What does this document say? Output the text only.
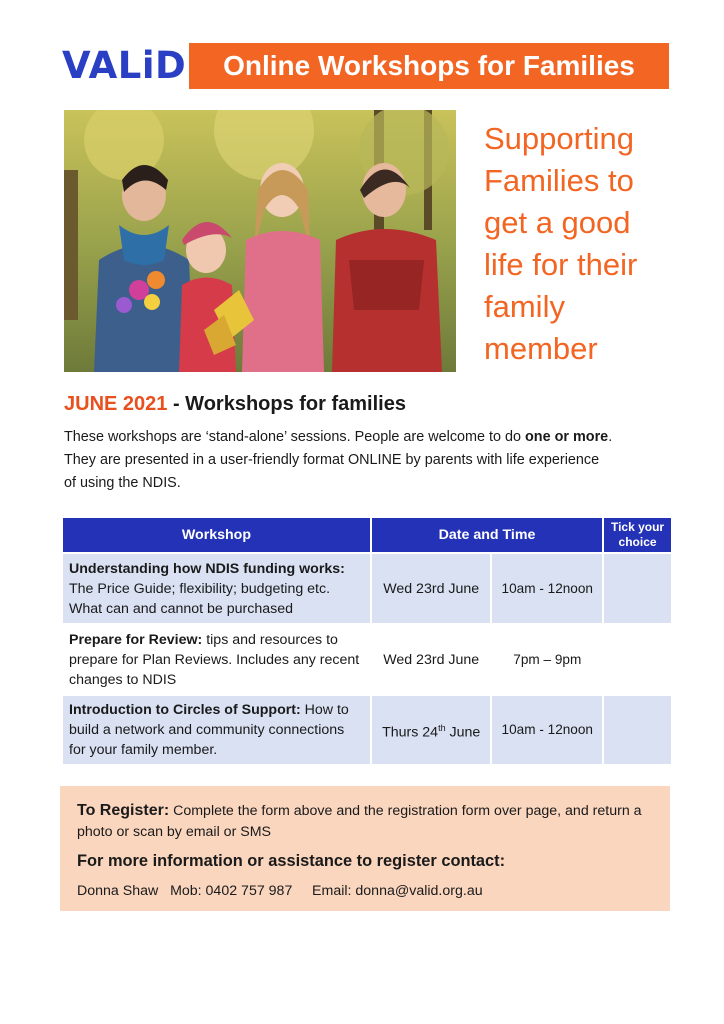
VALiD	Online Workshops for Families
Supporting
Families to
get a good
life for their
family
member
JUNE 2021 - Workshops for families

These workshops are ‘stand-alone’ sessions. People are welcome to do one or more.

They are presented in a user-friendly format ONLINE by parents with life experience

of using the NDIS.

Workshop	Date and Time		Tick your choice
Understanding how NDIS funding works:
The Price Guide; flexibility; budgeting etc. What can and cannot be purchased	Wed 23rd June	10am - 12noon	
Prepare for Review: tips and resources to prepare for Plan Reviews. Includes any recent changes to NDIS	Wed 23rd June	7pm – 9pm	
Introduction to Circles of Support: How to build a network and community connections for your family member.	Thurs 24th June	10am - 12noon	
To Register: Complete the form above and the registration form over page, and return a photo or scan by email or SMS
For more information or assistance to register contact:
Donna Shaw   Mob: 0402 757 987     Email: donna@valid.org.au
